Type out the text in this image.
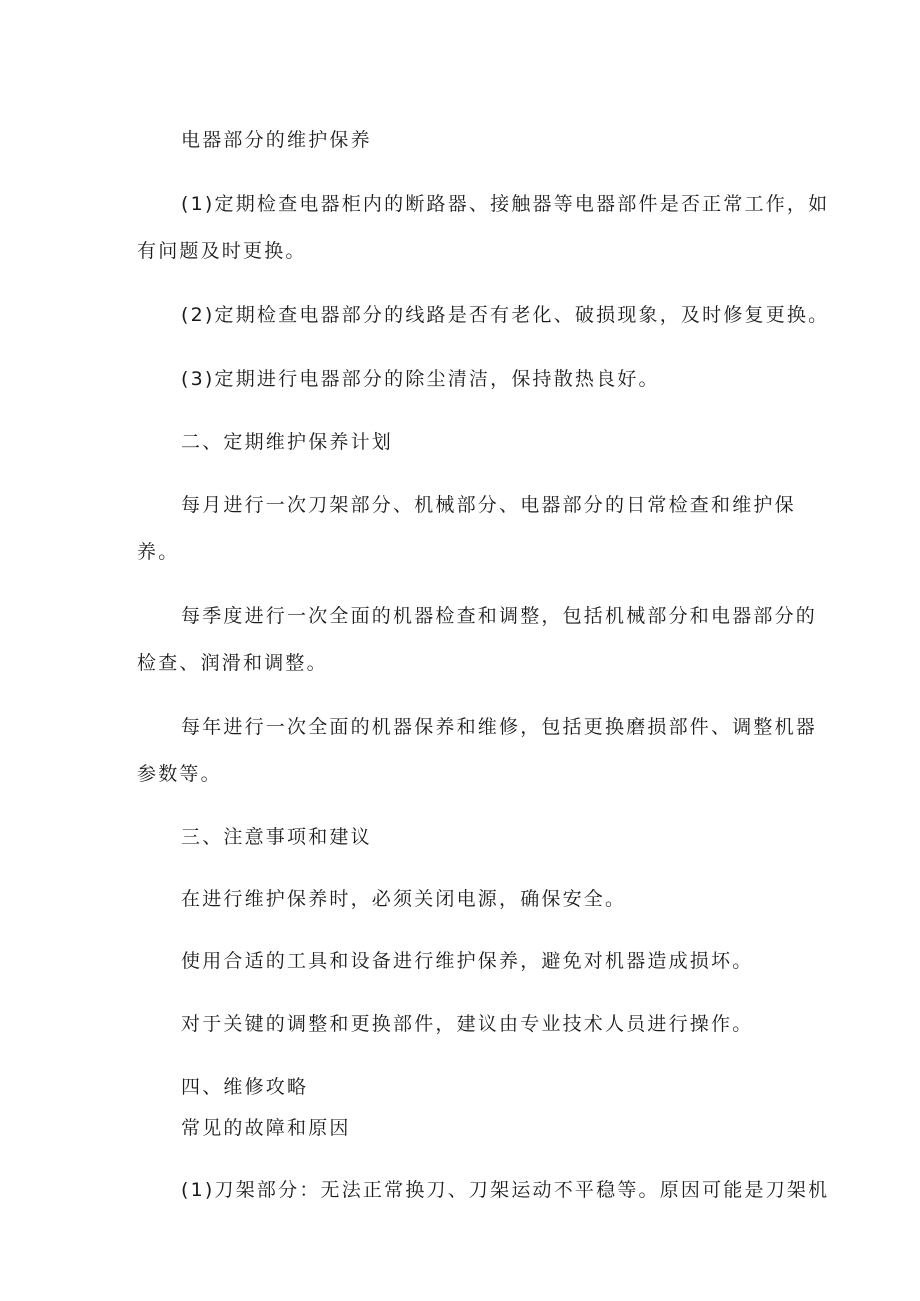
电器部分的维护保养
(1)定期检查电器柜内的断路器、接触器等电器部件是否正常工作，如
有问题及时更换。
(2)定期检查电器部分的线路是否有老化、破损现象，及时修复更换。
(3)定期进行电器部分的除尘清洁，保持散热良好。
二、定期维护保养计划
每月进行一次刀架部分、机械部分、电器部分的日常检查和维护保
养。
每季度进行一次全面的机器检查和调整，包括机械部分和电器部分的
检查、润滑和调整。
每年进行一次全面的机器保养和维修，包括更换磨损部件、调整机器
参数等。
三、注意事项和建议
在进行维护保养时，必须关闭电源，确保安全。
使用合适的工具和设备进行维护保养，避免对机器造成损坏。
对于关键的调整和更换部件，建议由专业技术人员进行操作。
四、维修攻略
常见的故障和原因
(1)刀架部分：无法正常换刀、刀架运动不平稳等。原因可能是刀架机
